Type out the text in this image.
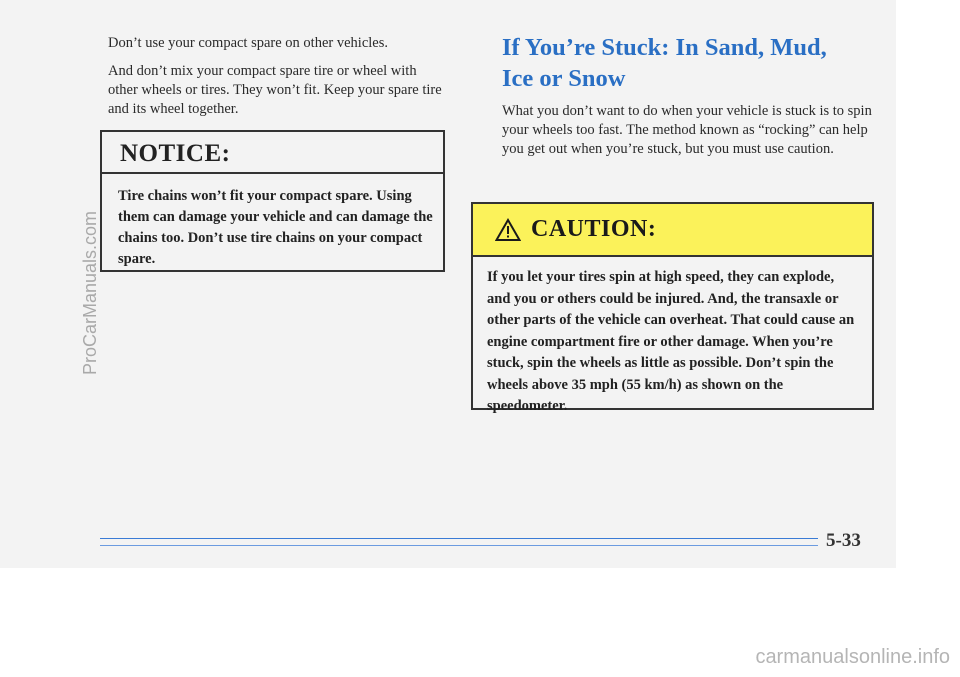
Don’t use your compact spare on other vehicles.

And don’t mix your compact spare tire or wheel with other wheels or tires. They won’t fit. Keep your spare tire and its wheel together.

NOTICE:
Tire chains won’t fit your compact spare. Using them can damage your vehicle and can damage the chains too. Don’t use tire chains on your compact spare.
If You’re Stuck: In Sand, Mud,
Ice or Snow

What you don’t want to do when your vehicle is stuck is to spin your wheels too fast. The method known as “rocking” can help you get out when you’re stuck, but you must use caution.

CAUTION:
If you let your tires spin at high speed, they can explode, and you or others could be injured. And, the transaxle or other parts of the vehicle can overheat. That could cause an engine compartment fire or other damage. When you’re stuck, spin the wheels as little as possible. Don’t spin the wheels above 35 mph (55 km/h) as shown on the speedometer.
5-33
ProCarManuals.com
carmanualsonline.info
